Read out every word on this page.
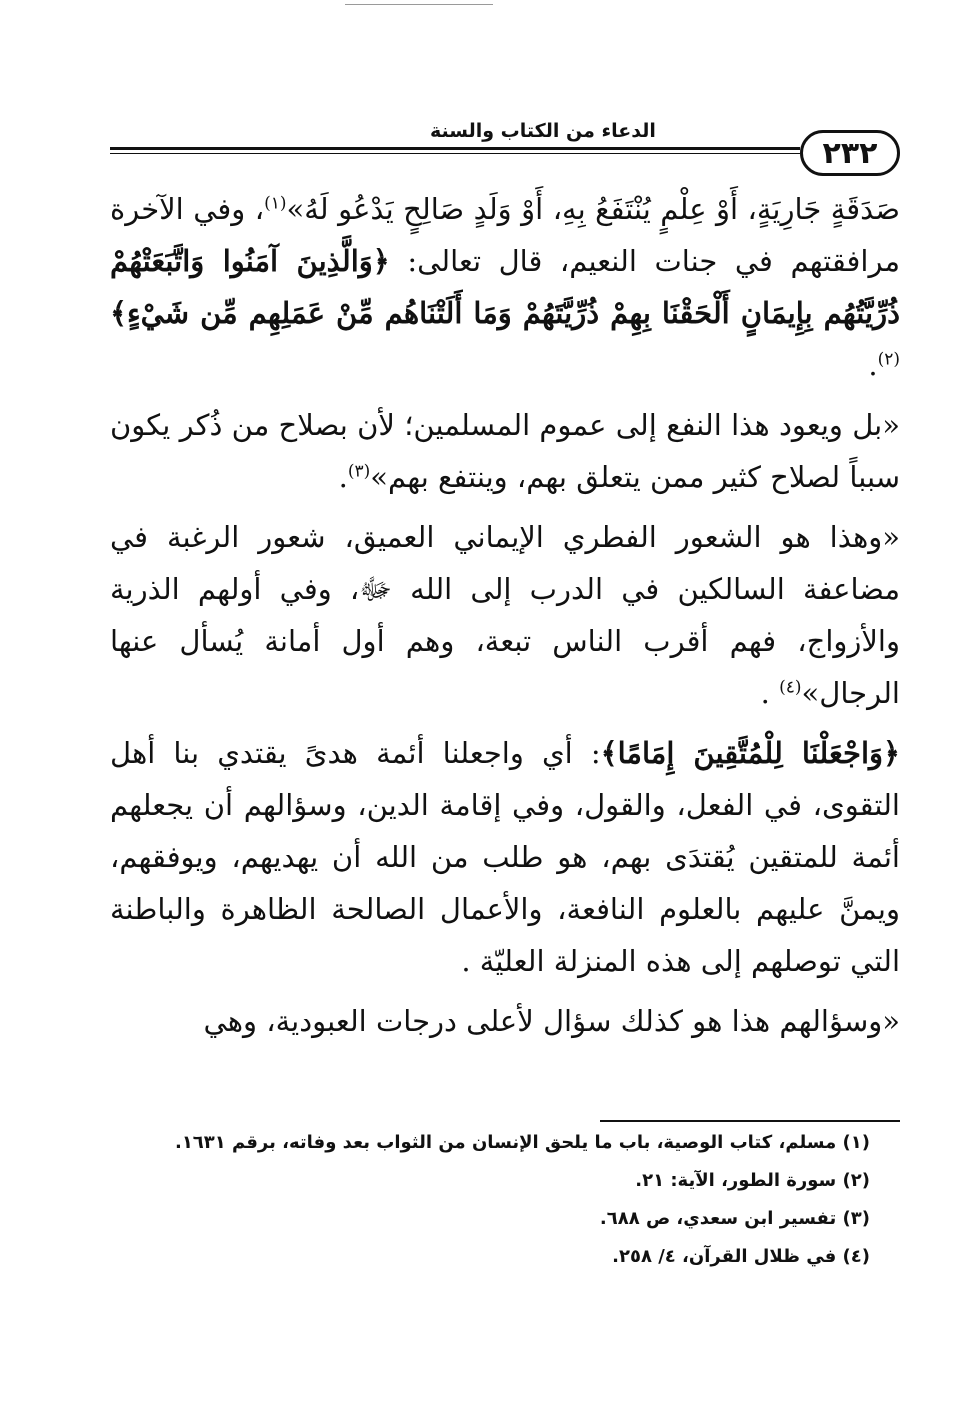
الدعاء من الكتاب والسنة
٢٣٢

صَدَقَةٍ جَارِيَةٍ، أَوْ عِلْمٍ يُنْتَفَعُ بِهِ، أَوْ وَلَدٍ صَالِحٍ يَدْعُو لَهُ»$^{(١)}$، وفي الآخرة مرافقتهم في جنات النعيم، قال تعالى: ﴿وَالَّذِينَ آمَنُوا وَاتَّبَعَتْهُمْ ذُرِّيَّتُهُم بِإِيمَانٍ أَلْحَقْنَا بِهِمْ ذُرِّيَّتَهُمْ وَمَا أَلَتْنَاهُم مِّنْ عَمَلِهِم مِّن شَيْءٍ﴾$^{(٢)}$.

«بل ويعود هذا النفع إلى عموم المسلمين؛ لأن بصلاح من ذُكر يكون سبباً لصلاح كثير ممن يتعلق بهم، وينتفع بهم»$^{(٣)}$.

«وهذا هو الشعور الفطري الإيماني العميق، شعور الرغبة في مضاعفة السالكين في الدرب إلى الله ﷻ، وفي أولهم الذرية والأزواج، فهم أقرب الناس تبعة، وهم أول أمانة يُسأل عنها الرجال»$^{(٤)}$ .

﴿وَاجْعَلْنَا لِلْمُتَّقِينَ إِمَامًا﴾: أي واجعلنا أئمة هدىً يقتدي بنا أهل التقوى، في الفعل، والقول، وفي إقامة الدين، وسؤالهم أن يجعلهم أئمة للمتقين يُقتدَى بهم، هو طلب من الله أن يهديهم، ويوفقهم، ويمنَّ عليهم بالعلوم النافعة، والأعمال الصالحة الظاهرة والباطنة التي توصلهم إلى هذه المنزلة العليّة .

«وسؤالهم هذا هو كذلك سؤال لأعلى درجات العبودية، وهي

(١) مسلم، كتاب الوصية، باب ما يلحق الإنسان من الثواب بعد وفاته، برقم ١٦٣١.

(٢) سورة الطور، الآية: ٢١.

(٣) تفسير ابن سعدي، ص ٦٨٨.

(٤) في ظلال القرآن، ٤/ ٢٥٨.
